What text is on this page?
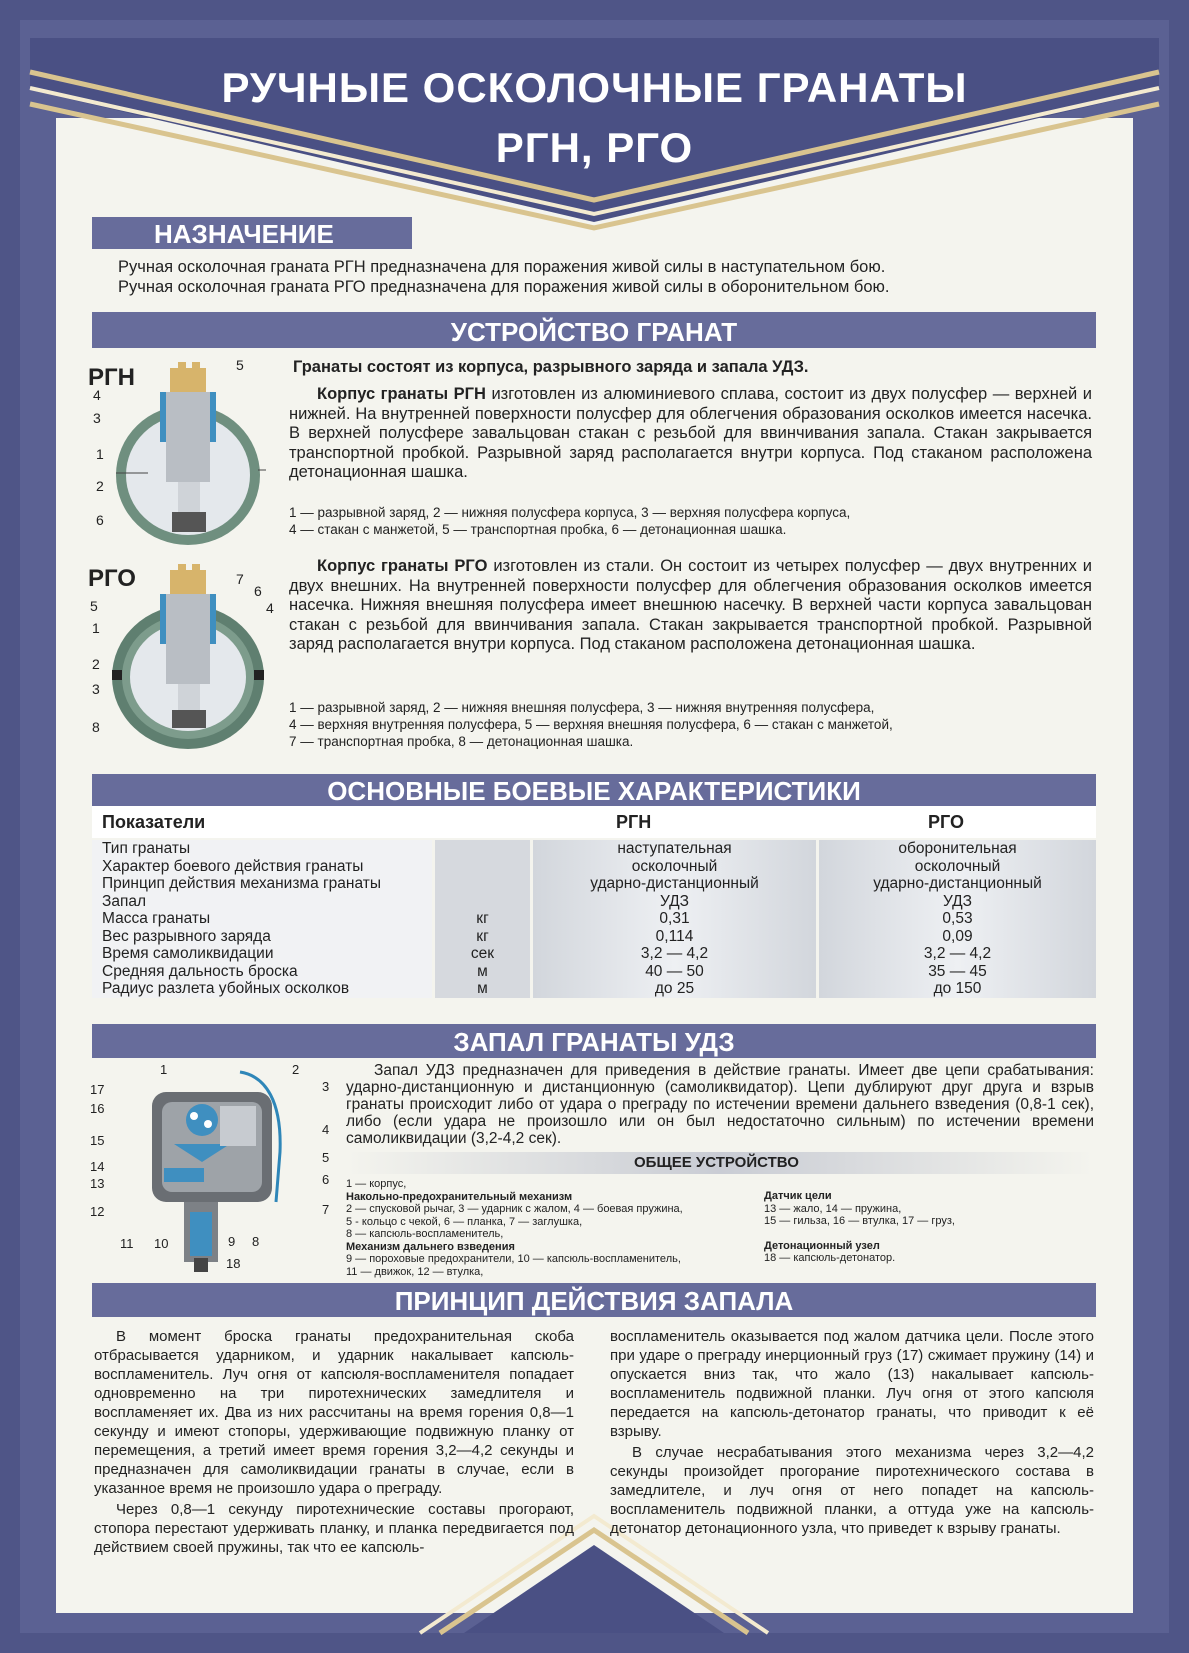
РУЧНЫЕ ОСКОЛОЧНЫЕ ГРАНАТЫ
РГН, РГО
НАЗНАЧЕНИЕ
Ручная осколочная граната РГН предназначена для поражения живой силы в наступательном бою.
Ручная осколочная граната РГО предназначена для поражения живой силы в оборонительном бою.
УСТРОЙСТВО ГРАНАТ
РГН
РГО
5
4
3
1
2
6
7
6
4
5
1
2
3
8
Гранаты состоят из корпуса, разрывного заряда и запала УДЗ.
Корпус гранаты РГН изготовлен из алюминиевого сплава, состоит из двух полусфер — верхней и нижней. На внутренней поверхности полусфер для облегчения образования осколков имеется насечка. В верхней полусфере завальцован стакан с резьбой для ввинчивания запала. Стакан закрывается транспортной пробкой. Разрывной заряд располагается внутри корпуса. Под стаканом расположена детонационная шашка.
1 — разрывной заряд, 2 — нижняя полусфера корпуса, 3 — верхняя полусфера корпуса,
4 — стакан с манжетой, 5 — транспортная пробка, 6 — детонационная шашка.
Корпус гранаты РГО изготовлен из стали. Он состоит из четырех полусфер — двух внутренних и двух внешних. На внутренней поверхности полусфер для облегчения образования осколков имеется насечка. Нижняя внешняя полусфера имеет внешнюю насечку. В верхней части корпуса завальцован стакан с резьбой для ввинчивания запала. Стакан закрывается транспортной пробкой. Разрывной заряд располагается внутри корпуса. Под стаканом расположена детонационная шашка.
1 — разрывной заряд, 2 — нижняя внешняя полусфера, 3 — нижняя внутренняя полусфера,
4 — верхняя внутренняя полусфера, 5 — верхняя внешняя полусфера, 6 — стакан с манжетой,
7 — транспортная пробка, 8 — детонационная шашка.
ОСНОВНЫЕ БОЕВЫЕ ХАРАКТЕРИСТИКИ
Показатели	РГН	РГО
Тип гранаты				наступательная		оборонительная
Характер боевого действия гранаты				осколочный		осколочный
Принцип действия механизма гранаты				ударно-дистанционный		ударно-дистанционный
Запал				УДЗ		УДЗ
Масса гранаты		кг		0,31		0,53
Вес разрывного заряда		кг		0,114		0,09
Время самоликвидации		сек		3,2 — 4,2		3,2 — 4,2
Средняя дальность броска		м		40 — 50		35 — 45
Радиус разлета убойных осколков		м		до 25		до 150
ЗАПАЛ ГРАНАТЫ УДЗ
1	2
3
17
16
15
4
14
5
13	6
12	7
11 10	9 8
18
Запал УДЗ предназначен для приведения в действие гранаты. Имеет две цепи срабатывания: ударно-дистанционную и дистанционную (самоликвидатор). Цепи дублируют друг друга и взрыв гранаты происходит либо от удара о преграду по истечении времени дальнего взведения (0,8-1 сек), либо (если удара не произошло или он был недостаточно сильным) по истечении времени самоликвидации (3,2-4,2 сек).
ОБЩЕЕ УСТРОЙСТВО
1 — корпус,
Накольно-предохранительный механизм
2 — спусковой рычаг, 3 — ударник с жалом, 4 — боевая пружина,
5 - кольцо с чекой, 6 — планка, 7 — заглушка,
8 — капсюль-воспламенитель,
Механизм дальнего взведения
9 — пороховые предохранители, 10 — капсюль-воспламенитель,
11 — движок, 12 — втулка,
Датчик цели
13 — жало, 14 — пружина,
15 — гильза, 16 — втулка, 17 — груз,
Детонационный узел
18 — капсюль-детонатор.
ПРИНЦИП ДЕЙСТВИЯ ЗАПАЛА
В момент броска гранаты предохранительная скоба отбрасывается ударником, и ударник накалывает капсюль-воспламенитель. Луч огня от капсюля-воспламенителя попадает одновременно на три пиротехнических замедлителя и воспламеняет их. Два из них рассчитаны на время горения 0,8—1 секунду и имеют стопоры, удерживающие подвижную планку от перемещения, а третий имеет время горения 3,2—4,2 секунды и предназначен для самоликвидации гранаты в случае, если в указанное время не произошло удара о преграду.
Через 0,8—1 секунду пиротехнические составы прогорают, стопора перестают удерживать планку, и планка передвигается под действием своей пружины, так что ее капсюль-
воспламенитель оказывается под жалом датчика цели. После этого при ударе о преграду инерционный груз (17) сжимает пружину (14) и опускается вниз так, что жало (13) накалывает капсюль-воспламенитель подвижной планки. Луч огня от этого капсюля передается на капсюль-детонатор гранаты, что приводит к её взрыву.
В случае несрабатывания этого механизма через 3,2—4,2 секунды произойдет прогорание пиротехнического состава в замедлителе, и луч огня от него попадет на капсюль-воспламенитель подвижной планки, а оттуда уже на капсюль-детонатор детонационного узла, что приведет к взрыву гранаты.
